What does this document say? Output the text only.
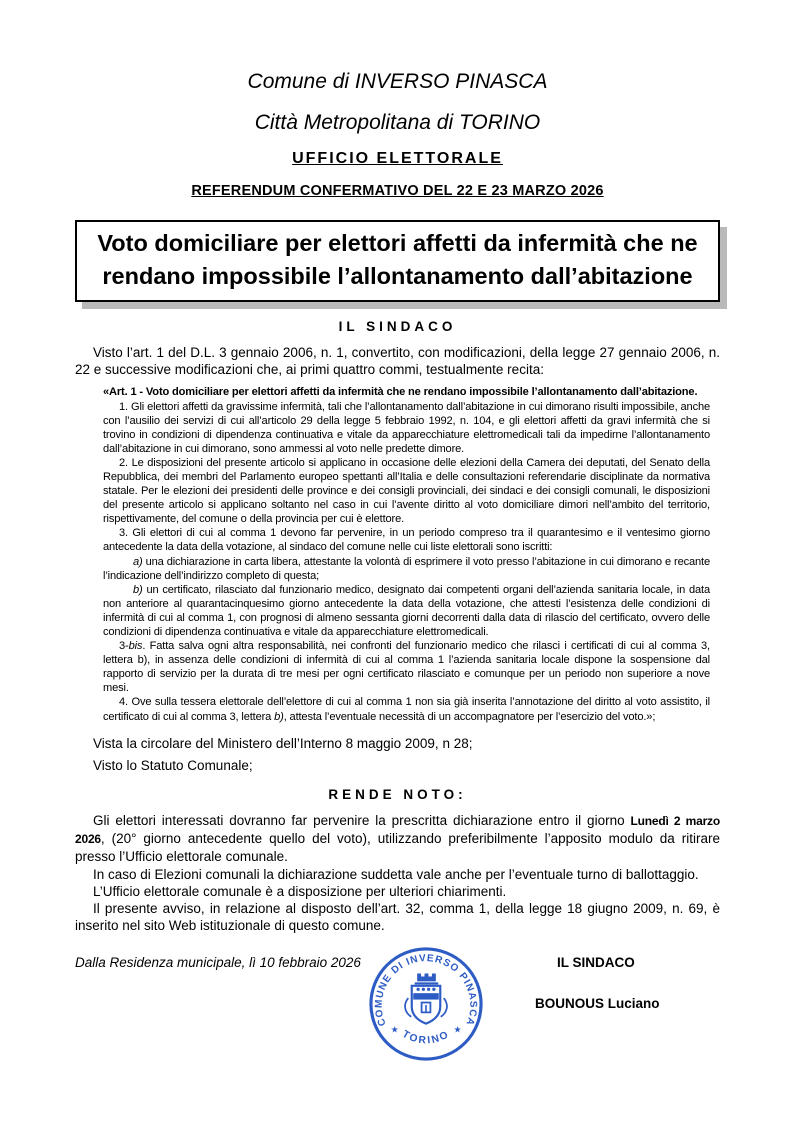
Comune di INVERSO PINASCA
Città Metropolitana di TORINO
UFFICIO ELETTORALE
REFERENDUM CONFERMATIVO DEL 22 E 23 MARZO 2026
Voto domiciliare per elettori affetti da infermità che ne
rendano impossibile l’allontanamento dall’abitazione
IL SINDACO

Visto l’art. 1 del D.L. 3 gennaio 2006, n. 1, convertito, con modificazioni, della legge 27 gennaio 2006, n. 22 e successive modificazioni che, ai primi quattro commi, testualmente recita:

«Art. 1 - Voto domiciliare per elettori affetti da infermità che ne rendano impossibile l’allontanamento dall’abitazione.

1. Gli elettori affetti da gravissime infermità, tali che l’allontanamento dall’abitazione in cui dimorano risulti impossibile, anche con l’ausilio dei servizi di cui all’articolo 29 della legge 5 febbraio 1992, n. 104, e gli elettori affetti da gravi infermità che si trovino in condizioni di dipendenza continuativa e vitale da apparecchiature elettromedicali tali da impedirne l’allontanamento dall’abitazione in cui dimorano, sono ammessi al voto nelle predette dimore.

2. Le disposizioni del presente articolo si applicano in occasione delle elezioni della Camera dei deputati, del Senato della Repubblica, dei membri del Parlamento europeo spettanti all’Italia e delle consultazioni referendarie disciplinate da normativa statale. Per le elezioni dei presidenti delle province e dei consigli provinciali, dei sindaci e dei consigli comunali, le disposizioni del presente articolo si applicano soltanto nel caso in cui l’avente diritto al voto domiciliare dimori nell’ambito del territorio, rispettivamente, del comune o della provincia per cui è elettore.

3. Gli elettori di cui al comma 1 devono far pervenire, in un periodo compreso tra il quarantesimo e il ventesimo giorno antecedente la data della votazione, al sindaco del comune nelle cui liste elettorali sono iscritti:

a) una dichiarazione in carta libera, attestante la volontà di esprimere il voto presso l’abitazione in cui dimorano e recante l’indicazione dell’indirizzo completo di questa;

b) un certificato, rilasciato dal funzionario medico, designato dai competenti organi dell’azienda sanitaria locale, in data non anteriore al quarantacinquesimo giorno antecedente la data della votazione, che attesti l’esistenza delle condizioni di infermità di cui al comma 1, con prognosi di almeno sessanta giorni decorrenti dalla data di rilascio del certificato, ovvero delle condizioni di dipendenza continuativa e vitale da apparecchiature elettromedicali.

3-bis. Fatta salva ogni altra responsabilità, nei confronti del funzionario medico che rilasci i certificati di cui al comma 3, lettera b), in assenza delle condizioni di infermità di cui al comma 1 l’azienda sanitaria locale dispone la sospensione dal rapporto di servizio per la durata di tre mesi per ogni certificato rilasciato e comunque per un periodo non superiore a nove mesi.

4. Ove sulla tessera elettorale dell’elettore di cui al comma 1 non sia già inserita l’annotazione del diritto al voto assistito, il certificato di cui al comma 3, lettera b), attesta l’eventuale necessità di un accompagnatore per l’esercizio del voto.»;

Vista la circolare del Ministero dell’Interno 8 maggio 2009, n 28;

Visto lo Statuto Comunale;

RENDE NOTO:

Gli elettori interessati dovranno far pervenire la prescritta dichiarazione entro il giorno Lunedì 2 marzo 2026, (20° giorno antecedente quello del voto), utilizzando preferibilmente l’apposito modulo da ritirare presso l’Ufficio elettorale comunale.

In caso di Elezioni comunali la dichiarazione suddetta vale anche per l’eventuale turno di ballottaggio.

L’Ufficio elettorale comunale è a disposizione per ulteriori chiarimenti.

Il presente avviso, in relazione al disposto dell’art. 32, comma 1, della legge 18 giugno 2009, n. 69, è inserito nel sito Web istituzionale di questo comune.

Dalla Residenza municipale, lì 10 febbraio 2026
COMUNE DI INVERSO PINASCA
TORINO
★	★
IL SINDACO
BOUNOUS Luciano
